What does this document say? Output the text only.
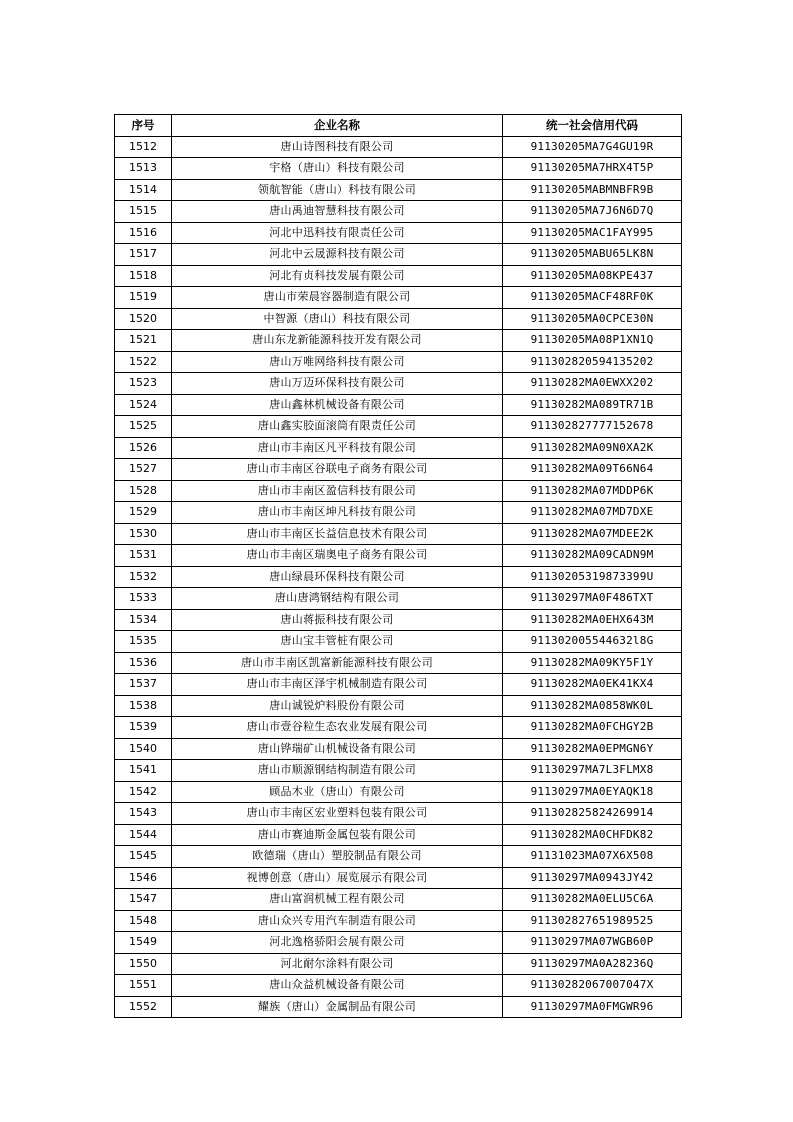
序号	企业名称	统一社会信用代码
1512	唐山诗图科技有限公司	91130205MA7G4GU19R
1513	宇格（唐山）科技有限公司	91130205MA7HRX4T5P
1514	领航智能（唐山）科技有限公司	91130205MABMNBFR9B
1515	唐山禹迪智慧科技有限公司	91130205MA7J6N6D7Q
1516	河北中迅科技有限责任公司	91130205MAC1FAY995
1517	河北中云晟源科技有限公司	91130205MABU65LK8N
1518	河北有贞科技发展有限公司	91130205MA08KPE437
1519	唐山市荣晨容器制造有限公司	91130205MACF48RF0K
1520	中智源（唐山）科技有限公司	91130205MA0CPCE30N
1521	唐山东龙新能源科技开发有限公司	91130205MA08P1XN1Q
1522	唐山万唯网络科技有限公司	911302820594135202
1523	唐山万迈环保科技有限公司	91130282MA0EWXX202
1524	唐山鑫林机械设备有限公司	91130282MA089TR71B
1525	唐山鑫实胶面滚筒有限责任公司	911302827777152678
1526	唐山市丰南区凡平科技有限公司	91130282MA09N0XA2K
1527	唐山市丰南区谷联电子商务有限公司	91130282MA09T66N64
1528	唐山市丰南区盈信科技有限公司	91130282MA07MDDP6K
1529	唐山市丰南区坤凡科技有限公司	91130282MA07MD7DXE
1530	唐山市丰南区长益信息技术有限公司	91130282MA07MDEE2K
1531	唐山市丰南区瑞奥电子商务有限公司	91130282MA09CADN9M
1532	唐山绿晨环保科技有限公司	91130205319873399U
1533	唐山唐鸿钢结构有限公司	91130297MA0F486TXT
1534	唐山蒋振科技有限公司	91130282MA0EHX643M
1535	唐山宝丰管桩有限公司	911302005544632l8G
1536	唐山市丰南区凯富新能源科技有限公司	91130282MA09KY5F1Y
1537	唐山市丰南区泽宇机械制造有限公司	91130282MA0EK41KX4
1538	唐山诚锐炉料股份有限公司	91130282MA0858WK0L
1539	唐山市壹谷粒生态农业发展有限公司	91130282MA0FCHGY2B
1540	唐山铧瑞矿山机械设备有限公司	91130282MA0EPMGN6Y
1541	唐山市顺源钢结构制造有限公司	91130297MA7L3FLMX8
1542	顾品木业（唐山）有限公司	91130297MA0EYAQK18
1543	唐山市丰南区宏业塑料包装有限公司	911302825824269914
1544	唐山市赛迪斯金属包装有限公司	91130282MA0CHFDK82
1545	欧德瑞（唐山）塑胶制品有限公司	91131023MA07X6X508
1546	视博创意（唐山）展览展示有限公司	91130297MA0943JY42
1547	唐山富润机械工程有限公司	91130282MA0ELU5C6A
1548	唐山众兴专用汽车制造有限公司	911302827651989525
1549	河北逸格骄阳会展有限公司	91130297MA07WGB60P
1550	河北耐尔涂料有限公司	91130297MA0A28236Q
1551	唐山众益机械设备有限公司	911302820670070​47X
1552	耀族（唐山）金属制品有限公司	91130297MA0FMGWR96
